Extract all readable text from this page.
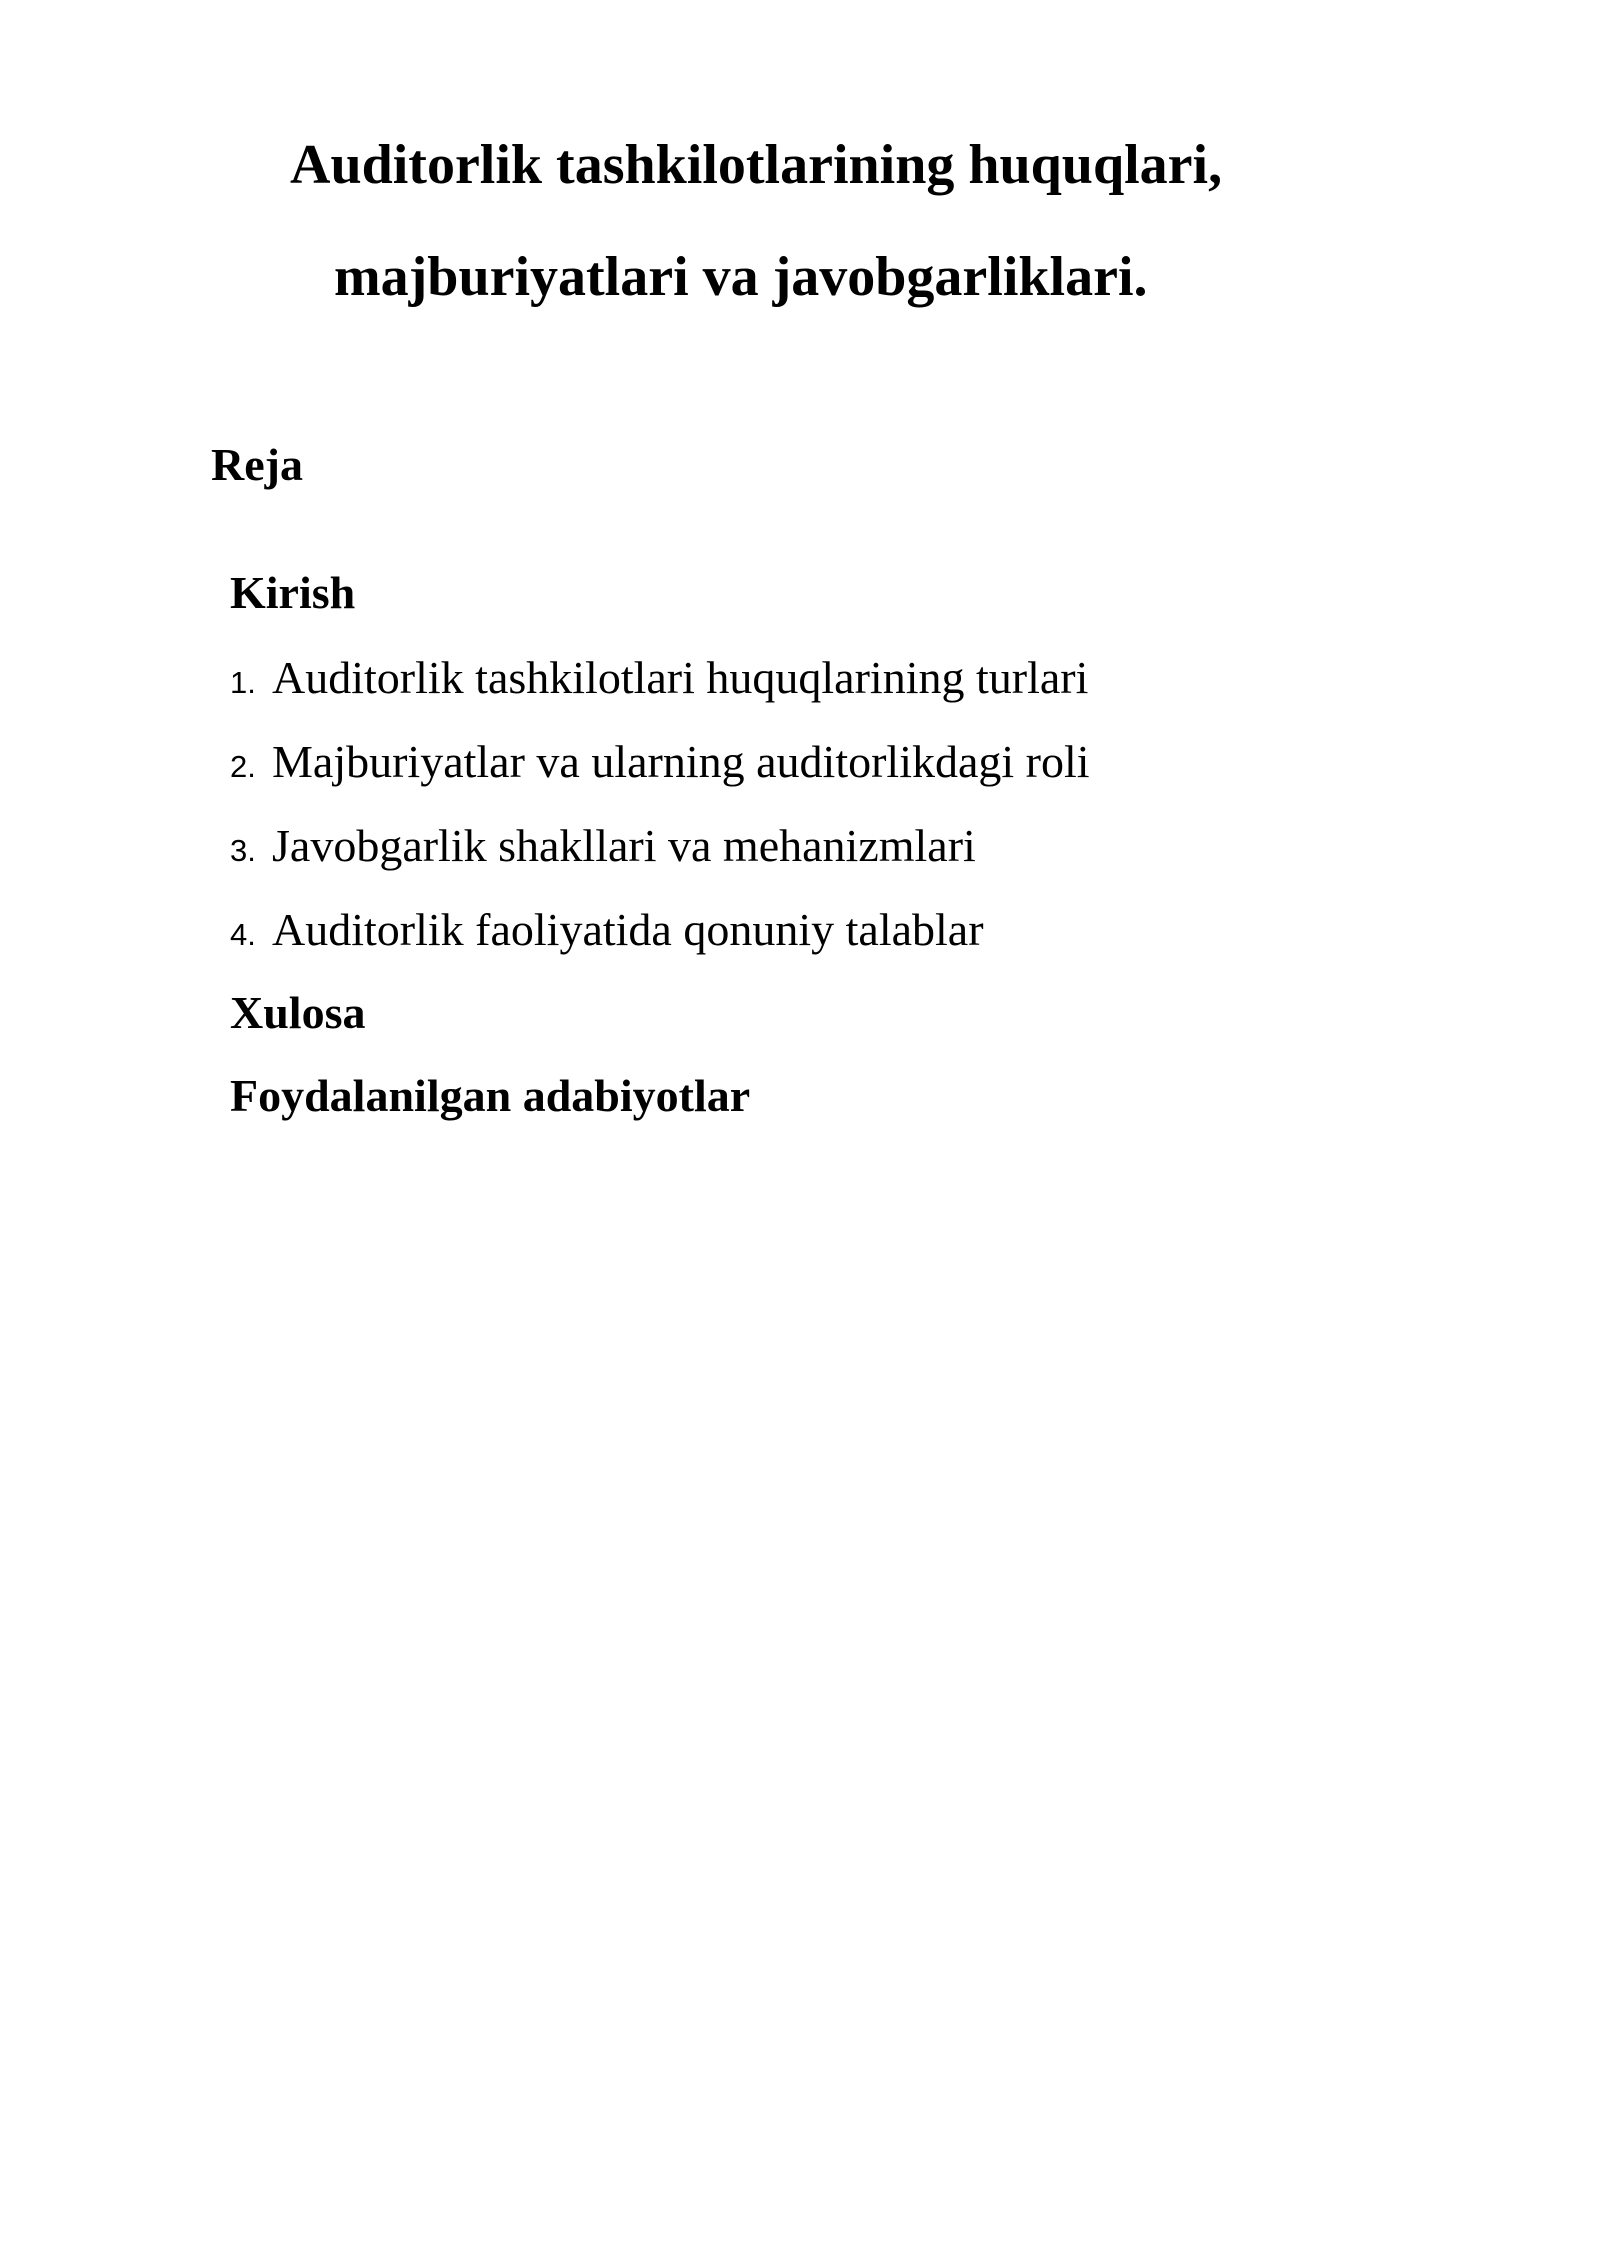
Auditorlik tashkilotlarining huquqlari,
majburiyatlari va javobgarliklari.
Reja
Kirish
1. Auditorlik tashkilotlari huquqlarining turlari
2. Majburiyatlar va ularning auditorlikdagi roli
3. Javobgarlik shakllari va mehanizmlari
4. Auditorlik faoliyatida qonuniy talablar
Xulosa
Foydalanilgan adabiyotlar
